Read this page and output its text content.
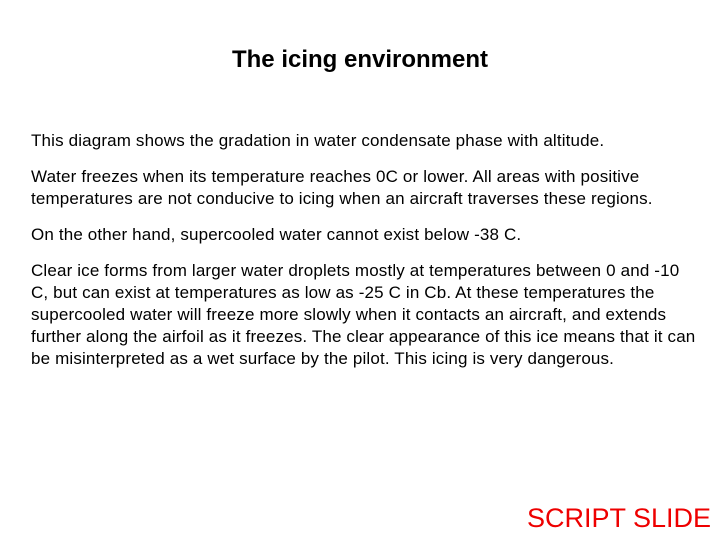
The icing environment

This diagram shows the gradation in water condensate phase with altitude.

Water freezes when its temperature reaches 0C or lower. All areas with positive temperatures are not conducive to icing when an aircraft traverses these regions.

On the other hand, supercooled water cannot exist below -38 C.

Clear ice forms from larger water droplets mostly at temperatures between 0 and -10 C, but can exist at temperatures as low as -25 C in Cb. At these temperatures the supercooled water will freeze more slowly when it contacts an aircraft, and extends further along the airfoil as it freezes. The clear appearance of this ice means that it can be misinterpreted as a wet surface by the pilot. This icing is very dangerous.

SCRIPT SLIDE
